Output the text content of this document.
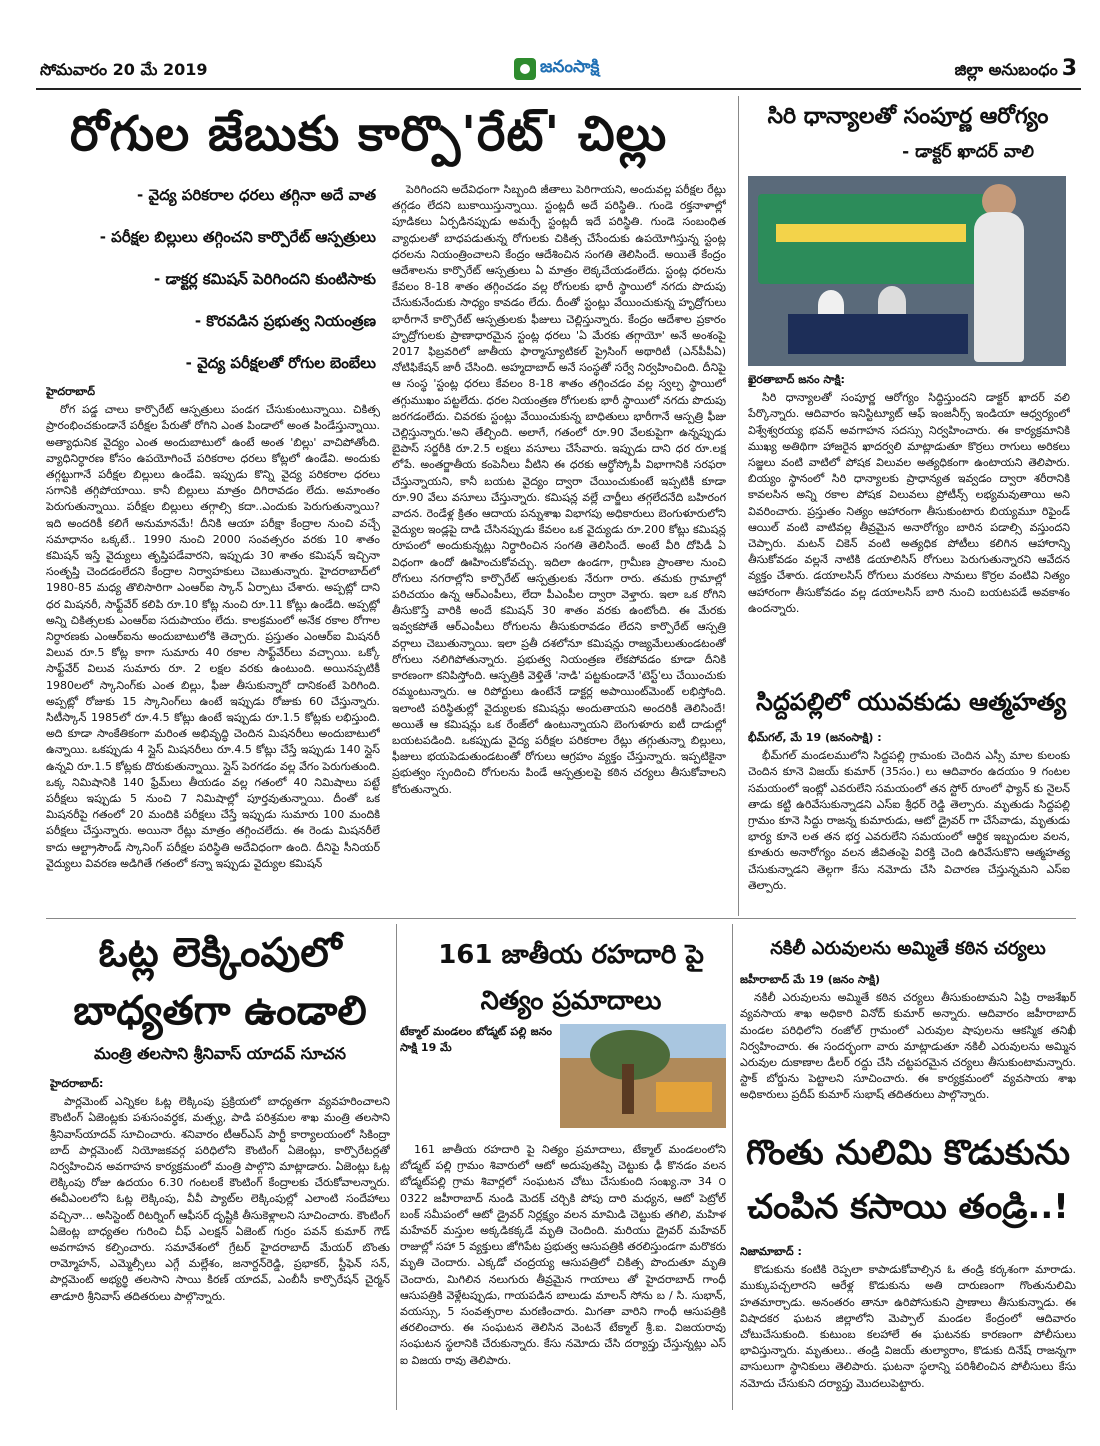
సోమవారం 20 మే 2019	జనంసాక్షి	జిల్లా అనుబంధం 3
రోగుల జేబుకు కార్పొ'రేట్' చిల్లు
- వైద్య పరికరాల ధరలు తగ్గినా అదే వాత
- పరీక్షల బిల్లులు తగ్గించని కార్పొరేట్ ఆస్పత్రులు
- డాక్టర్ల కమిషన్ పెరిగిందని కుంటిసాకు
- కొరవడిన ప్రభుత్వ నియంత్రణ
- వైద్య పరీక్షలతో రోగుల బెంబేలు
హైదరాబాద్

రోగ పడ్డ చాలు కార్పొరేట్ ఆస్పత్రులు పండగ చేసుకుంటున్నాయి. చికిత్స ప్రారంభించకుండానే పరీక్షల పేరుతో రోగిని ఎంత పిండాలో అంత పిండేస్తున్నాయి. అత్యాధునిక వైద్యం ఎంత అందుబాటులో ఉంటే అంత 'బిల్లు' వాచిపోతోంది. వ్యాధినిర్ధారణ కోసం ఉపయోగించే పరికరాల ధరలు కోట్లలో ఉండేవి. అందుకు తగ్గట్టుగానే పరీక్షల బిల్లులు ఉండేవి. ఇప్పుడు కొన్ని వైద్య పరికరాల ధరలు సగానికి తగ్గిపోయాయి. కానీ బిల్లులు మాత్రం దిగిరావడం లేదు. అమాంతం పెరుగుతున్నాయి. పరీక్షల బిల్లులు తగ్గాల్సి కదా..ఎందుకు పెరుగుతున్నాయి? ఇది అందరికీ కలిగే అనుమానమే! దీనికి ఆయా పరీక్షా కేంద్రాల నుంచి వచ్చే సమాధానం ఒక్కటే.. 1990 నుంచి 2000 సంవత్సరం వరకు 10 శాతం కమిషన్ ఇస్తే వైద్యులు తృప్తిపడేవారని, ఇప్పుడు 30 శాతం కమిషన్ ఇచ్చినా సంతృప్తి చెందడంలేదని కేంద్రాల నిర్వాహకులు చెబుతున్నారు. హైదరాబాద్‌లో 1980-85 మధ్య తొలిసారిగా ఎంఆర్ఐ స్కాన్ ఏర్పాటు చేశారు. అప్పట్లో దాని ధర మిషనరీ, సాఫ్ట్‌వేర్ కలిపి రూ.10 కోట్ల నుంచి రూ.11 కోట్లు ఉండేది. అప్పట్లో అన్ని చికిత్సలకు ఎంఆర్ఐ సదుపాయం లేదు. కాలక్రమంలో అనేక రకాల రోగాల నిర్ధారణకు ఎంఆర్ఐను అందుబాటులోకి తెచ్చారు. ప్రస్తుతం ఎంఆర్ఐ మిషనరీ విలువ రూ.5 కోట్ల కాగా సుమారు 40 రకాల సాఫ్ట్‌వేర్‌లు వచ్చాయి. ఒక్కో సాఫ్ట్‌వేర్ విలువ సుమారు రూ. 2 లక్షల వరకు ఉంటుంది. అయినప్పటికీ 1980లలో స్కానింగ్‌కు ఎంత బిల్లు, ఫీజు తీసుకున్నారో దానికంటే పెరిగింది. అప్పట్లో రోజుకు 15 స్కానింగ్‌లు ఉంటే ఇప్పుడు రోజుకు 60 చేస్తున్నారు. సిటీస్కాన్ 1985లో రూ.4.5 కోట్లు ఉంటే ఇప్పుడు రూ.1.5 కోట్లకు లభిస్తుంది. అది కూడా సాంకేతికంగా మరింత అభివృద్ధి చెందిన మిషనరీలు అందుబాటులో ఉన్నాయి. ఒకప్పుడు 4 స్లైస్ మిషనరీలు రూ.4.5 కోట్లు చేస్తే ఇప్పుడు 140 స్లైస్ ఉన్నవి రూ.1.5 కోట్లకు దొరుకుతున్నాయి. స్లైస్ పెరగడం వల్ల వేగం పెరుగుతుంది. ఒక్క నిమిషానికి 140 ఫ్రేమ్‌లు తీయడం వల్ల గతంలో 40 నిమిషాలు పట్టే పరీక్షలు ఇప్పుడు 5 నుంచి 7 నిమిషాల్లో పూర్తవుతున్నాయి. దీంతో ఒక మిషనరీపై గతంలో 20 మందికి పరీక్షలు చేస్తే ఇప్పుడు సుమారు 100 మందికి పరీక్షలు చేస్తున్నారు. అయినా రేట్లు మాత్రం తగ్గించలేదు. ఈ రెండు మిషనరీలే కాదు ఆల్ట్రాసౌండ్ స్కానింగ్ పరీక్షల పరిస్థితి అదేవిధంగా ఉంది. దీనిపై సీనియర్ వైద్యులు వివరణ అడిగితే గతంలో కన్నా ఇప్పుడు వైద్యుల కమిషన్

పెరిగిందని అదేవిధంగా సిబ్బంది జీతాలు పెరిగాయని, అందువల్ల పరీక్షల రేట్లు తగ్గడం లేదని బుకాయిస్తున్నాయి. స్టంట్లదీ అదే పరిస్థితి.. గుండె రక్తనాళాల్లో పూడికలు ఏర్పడినప్పుడు అమర్చే స్టంట్లదీ ఇదే పరిస్థితి. గుండె సంబంధిత వ్యాధులతో బాధపడుతున్న రోగులకు చికిత్స చేసేందుకు ఉపయోగిస్తున్న స్టంట్ల ధరలను నియంత్రించాలని కేంద్రం ఆదేశించిన సంగతి తెలిసిందే. అయితే కేంద్రం ఆదేశాలను కార్పొరేట్ ఆస్పత్రులు ఏ మాత్రం లెక్కచేయడంలేదు. స్టంట్ల ధరలను కేవలం 8-18 శాతం తగ్గించడం వల్ల రోగులకు భారీ స్థాయిలో నగదు పొదుపు చేసుకునేందుకు సాధ్యం కావడం లేదు. దీంతో స్టంట్లు వేయించుకున్న హృద్రోగులు భారీగానే కార్పొరేట్ ఆస్పత్రులకు ఫీజులు చెల్లిస్తున్నారు. కేంద్రం ఆదేశాల ప్రకారం హృద్రోగులకు ప్రాణాధారమైన స్టంట్ల ధరలు 'ఏ మేరకు తగ్గాయో' అనే అంశంపై 2017 ఫిబ్రవరిలో జాతీయ ఫార్మాస్యూటికల్ ప్రైసింగ్ అథారిటీ (ఎన్‌పీపీఏ) నోటిఫికేషన్ జారీ చేసింది. అహ్మదాబాద్ అనే సంస్థతో సర్వే నిర్వహించింది. దీనిపై ఆ సంస్థ 'స్టంట్ల ధరలు కేవలం 8-18 శాతం తగ్గించడం వల్ల స్వల్ప స్థాయిలో తగ్గుముఖం పట్టలేదు. ధరల నియంత్రణ రోగులకు భారీ స్థాయిలో నగదు పొదుపు జరగడంలేదు. చివరకు స్టంట్లు వేయించుకున్న బాధితులు భారీగానే ఆస్పత్రి ఫీజు చెల్లిస్తున్నారు.'అని తేల్చింది. అలాగే, గతంలో రూ.90 వేలకుపైగా ఉన్నప్పుడు బైపాస్ సర్జరీకి రూ.2.5 లక్షలు వసూలు చేసేవారు. ఇప్పుడు దాని ధర రూ.లక్ష లోపే. అంతర్జాతీయ కంపెనీలు వీటిని ఈ ధరకు ఆర్థోస్కోపీ విభాగానికి సరఫరా చేస్తున్నాయని, కానీ బయట వైద్యం ద్వారా చేయించుకుంటే ఇప్పటికీ కూడా రూ.90 వేలు వసూలు చేస్తున్నారు. కమిషన్ల వల్లే చార్జీలు తగ్గలేదనేది బహిరంగ వాదన. రెండేళ్ల క్రితం ఆదాయ పన్నుశాఖ విభాగపు అధికారులు బెంగుళూరులోని వైద్యుల ఇండ్లపై దాడి చేసినప్పుడు కేవలం ఒక వైద్యుడు రూ.200 కోట్లు కమిషన్ల రూపంలో అందుకున్నట్లు నిర్ధారించిన సంగతి తెలిసిందే. అంటే వీరి దోపిడీ ఏ విధంగా ఉందో ఊహించుకోవచ్చు. ఇదిలా ఉండగా, గ్రామీణ ప్రాంతాల నుంచి రోగులు నగరాల్లోని కార్పొరేట్ ఆస్పత్రులకు నేరుగా రారు. తమకు గ్రామాల్లో పరిచయం ఉన్న ఆర్ఎంపీలు, లేదా పీఎంపీల ద్వారా వెళ్తారు. ఇలా ఒక రోగిని తీసుకొస్తే వారికి అందే కమిషన్ 30 శాతం వరకు ఉంటోంది. ఈ మేరకు ఇవ్వకపోతే ఆర్ఎంపీలు రోగులను తీసుకురావడం లేదని కార్పొరేట్ ఆస్పత్రి వర్గాలు చెబుతున్నాయి. ఇలా ప్రతీ దశలోనూ కమిషన్లు రాజ్యమేలుతుండటంతో రోగులు నలిగిపోతున్నారు. ప్రభుత్వ నియంత్రణ లేకపోవడం కూడా దీనికి కారణంగా కనిపిస్తోంది. ఆస్పత్రికి వెళ్తితే 'నాడి' పట్టకుండానే 'టెస్ట్'లు చేయించుకు రమ్మంటున్నారు. ఆ రిపోర్టులు ఉంటేనే డాక్టర్ల అపాయింట్‌మెంట్ లభిస్తోంది. ఇలాంటి పరిస్థితుల్లో వైద్యులకు కమిషన్లు అందుతాయని అందరికీ తెలిసిందే! అయితే ఆ కమిషన్లు ఒక రేంజ్‌లో ఉంటున్నాయని బెంగుళూరు ఐటీ దాడుల్లో బయటపడింది. ఒకప్పుడు వైద్య పరీక్షల పరికరాల రేట్లు తగ్గుతున్నా బిల్లులు, ఫీజులు భయపెడుతుండటంతో రోగులు ఆగ్రహం వ్యక్తం చేస్తున్నారు. ఇప్పటికైనా ప్రభుత్వం స్పందించి రోగులను పిండే ఆస్పత్రులపై కఠిన చర్యలు తీసుకోవాలని కోరుతున్నారు.

సిరి ధాన్యాలతో సంపూర్ణ ఆరోగ్యం
- డాక్టర్ ఖాదర్ వాలి
ఖైరతాబాద్ జనం సాక్షి:

సిరి ధాన్యాలతో సంపూర్ణ ఆరోగ్యం సిద్ధిస్తుందని డాక్టర్ ఖాదర్ వలి పేర్కొన్నారు. ఆదివారం ఇనిస్టిట్యూట్ ఆఫ్ ఇంజనీర్స్ ఇండియా ఆధ్వర్యంలో విశ్వేశ్వరయ్య భవన్ అవగాహన సదస్సు నిర్వహించారు. ఈ కార్యక్రమానికి ముఖ్య అతిథిగా హాజరైన ఖాదర్వలి మాట్లాడుతూ కొర్రలు రాగులు అరికలు సజ్జలు వంటి వాటిలో పోషక విలువల అత్యధికంగా ఉంటాయని తెలిపారు. బియ్యం స్థానంలో సిరి ధాన్యాలకు ప్రాధాన్యత ఇవ్వడం ద్వారా శరీరానికి కావలసిన అన్ని రకాల పోషక విలువలు ప్రోటీన్స్ లభ్యమవుతాయి అని వివరించారు. ప్రస్తుతం నిత్యం ఆహారంగా తీసుకుంటారు బియ్యమూ రిఫైండ్ ఆయిల్ వంటి వాటివల్ల తీవ్రమైన అనారోగ్యం బారిన పడాల్సి వస్తుందని చెప్పారు. మటన్ చికెన్ వంటి అత్యధిక పోటీలు కలిగిన ఆహారాన్ని తీసుకోవడం వల్లనే నాటికి డయాలిసిస్ రోగులు పెరుగుతున్నారని ఆవేదన వ్యక్తం చేశారు. డయాలసిస్ రోగులు మరకలు సామలు కొర్రల వంటివి నిత్యం ఆహారంగా తీసుకోవడం వల్ల డయాలసిస్ బారి నుంచి బయటపడే అవకాశం ఉందన్నారు.

సిద్దపల్లిలో యువకుడు ఆత్మహత్య
భీమ్‌గల్, మే 19 (జనంసాక్షి) :

భీమ్‌గల్ మండలములోని సిద్దపల్లి గ్రామంకు చెందిన ఎస్సీ మాల కులంకు చెందిన కూనె విజయ్ కుమార్ (35సం.) లు ఆదివారం ఉదయం 9 గంటల సమయంలో ఇంట్లో ఎవరులేని సమయంలో తన స్టోర్ రూంలో ఫ్యాన్ కు నైలన్ తాడు కట్టి ఉరివేసుకున్నాడని ఎస్ఐ శ్రీధర్ రెడ్డి తెల్పారు. మృతుడు సిద్దపల్లి గ్రామం కూనె సిద్దు రాజన్న కుమారుడు, ఆటో డ్రైవర్ గా చేసేవాడు, మృతుడు భార్య కూనె లత తన భర్త ఎవరులేని సమయంలో ఆర్థిక ఇబ్బందుల వలన, కూతురు అనారోగ్యం వలన జీవితంపై విరక్తి చెంది ఉరివేసుకొని ఆత్మహత్య చేసుకున్నాడని తెల్గగా కేసు నమోదు చేసి విచారణ చేస్తున్నమని ఎస్ఐ తెల్పారు.

ఓట్ల లెక్కింపులో బాధ్యతగా ఉండాలి
మంత్రి తలసాని శ్రీనివాస్ యాదవ్ సూచన
హైదరాబాద్:

పార్లమెంట్ ఎన్నికల ఓట్ల లెక్కింపు ప్రక్రియలో బాధ్యతగా వ్యవహరించాలని కౌంటింగ్ ఏజెంట్లకు పశుసంవర్ధక, మత్స్య, పాడి పరిశ్రమల శాఖ మంత్రి తలసాని శ్రీనివాస్‌యాదవ్ సూచించారు. శనివారం టీఆర్ఎస్ పార్టీ కార్యాలయంలో సికింద్రా బాద్ పార్లమెంట్ నియోజకవర్గ పరిధిలోని కౌంటింగ్ ఏజెంట్లు, కార్పొరేటర్లతో నిర్వహించిన అవగాహన కార్యక్రమంలో మంత్రి పాల్గొని మాట్లాడారు. ఏజెంట్లు ఓట్ల లెక్కింపు రోజు ఉదయం 6.30 గంటలకే కౌంటింగ్ కేంద్రాలకు చేరుకోవాలన్నారు. ఈవీఎంలలోని ఓట్ల లెక్కింపు, వీవీ ప్యాట్‌ల లెక్కింపుల్లో ఎలాంటి సందేహాలు వచ్చినా... అసిస్టెంట్ రిటర్నింగ్ ఆఫీసర్ దృష్టికి తీసుకెళ్లాలని సూచించారు. కౌంటింగ్ ఏజెంట్ల బాధ్యతల గురించి చీఫ్ ఎలక్షన్ ఏజెంట్ గుర్రం పవన్ కుమార్ గౌడ్ అవగాహన కల్పించారు. సమావేశంలో గ్రేటర్ హైదరాబాద్ మేయర్ బొంతు రామ్మోహన్, ఎమ్మెల్సీలు ఎగ్గే మల్లేశం, జనార్దన్‌రెడ్డి, ప్రభాకర్, స్టీఫెన్ సన్, పార్లమెంట్ అభ్యర్థి తలసాని సాయి కిరణ్ యాదవ్, ఎంబీసీ కార్పొరేషన్ చైర్మన్ తాడూరి శ్రీనివాస్ తదితరులు పాల్గొన్నారు.

161 జాతీయ రహదారి పై నిత్యం ప్రమాదాలు
టేక్మాల్ మండలం బోడ్మట్ పల్లి జనం సాక్షి 19 మే

161 జాతీయ రహదారి పై నిత్యం ప్రమాదాలు, టేక్మాల్ మండలంలోని బోడ్మట్ పల్లి గ్రామం శివారులో ఆటో అదుపుతప్పి చెట్టుకు ఢీ కొనడం వలన బోడ్మట్‌పల్లి గ్రామ శివార్లలో సంఘటన చోటు చేసుకుంది సంఖ్య.నా 34 ౦ 0322 జహీరాబాద్ నుండి మెదక్ చర్చికి పోపు దారి మధ్యన, ఆటో పెట్రోల్ బంక్ సమీపంలో ఆటో డ్రైవర్ నిర్లక్ష్యం వలన మామిడి చెట్టుకు తగిలి, మహిళ మహేవర్ మస్తుల అక్కడికక్కడే మృతి చెందింది. మరియు డ్రైవర్ మహేవర్ రాజుల్లో సహా 5 వ్యక్తులు జోగిపేట ప్రభుత్వ ఆసుపత్రికి తరలిస్తుండగా మరొకరు మృతి చెందారు. ఎక్కడో చంద్రయ్య ఆసుపత్రిలో చికిత్స పొందుతూ మృతి చెందారు, మిగిలిన నలుగురు తీవ్రమైన గాయాలు తో హైదరాబాద్ గాంధీ ఆసుపత్రికి వెళ్లేటప్పుడు, గాయపడిన బాలుడు మాలన్ సోను బ / సి. సుభాన్, వయస్సు, 5 సంవత్సరాల మరణించారు. మిగతా వారిని గాంధీ ఆసుపత్రికి తరలించారు. ఈ సంఘటన తెలిసిన వెంటనే టేక్మాల్ శ్రీ.ఐ. విజయరావు సంఘటన స్థలానికి చేరుకున్నారు. కేసు నమోదు చేసి దర్యాప్తు చేస్తున్నట్లు ఎస్ ఐ విజయ రావు తెలిపారు.

నకిలీ ఎరువులను అమ్మితే కఠిన చర్యలు
జహీరాబాద్ మే 19 (జనం సాక్షి)

నకిలీ ఎరువులను అమ్మితే కఠిన చర్యలు తీసుకుంటామని ఏప్రి రాజశేఖర్ వ్యవసాయ శాఖ అధికారి వినోద్ కుమార్ అన్నారు. ఆదివారం జహీరాబాద్ మండల పరిధిలోని రంజోల్ గ్రామంలో ఎరువుల షాపులను ఆకస్మిక తనిఖీ నిర్వహించారు. ఈ సందర్భంగా వారు మాట్లాడుతూ నకిలీ ఎరువులను అమ్మిన ఎరువుల దుకాణాల డీలర్ రద్దు చేసి చట్టపరమైన చర్యలు తీసుకుంటామన్నారు. స్టాక్ బోర్డును పెట్టాలని సూచించారు. ఈ కార్యక్రమంలో వ్యవసాయ శాఖ అధికారులు ప్రదీప్ కుమార్ సుభాష్ తదితరులు పాల్గొన్నారు.

గొంతు నులిమి కొడుకును చంపిన కసాయి తండ్రి..!
నిజామాబాద్ :

కొడుకును కంటికి రెప్పలా కాపాడుకోవాల్సిన ఓ తండ్రి కర్కశంగా మారాడు. ముక్కుపచ్చలారని ఆరేళ్ల కొడుకును అతి దారుణంగా గొంతునులిమి హతమార్చాడు. అనంతరం తానూ ఉరిపోసుకుని ప్రాణాలు తీసుకున్నాడు. ఈ విషాదకర ఘటన జిల్లాలోని మెప్పాల్ మండల కేంద్రంలో ఆదివారం చోటుచేసుకుంది. కుటుంబ కలహాలే ఈ ఘటనకు కారణంగా పోలీసులు భావిస్తున్నారు. మృతులు.. తండ్రి విజయ్ తుల్యారాం, కొడుకు దినేష్ రాజన్నగా వాసులుగా స్థానికులు తెలిపారు. ఘటనా స్థలాన్ని పరిశీలించిన పోలీసులు కేసు నమోదు చేసుకుని దర్యాప్తు మొదలుపెట్టారు.
